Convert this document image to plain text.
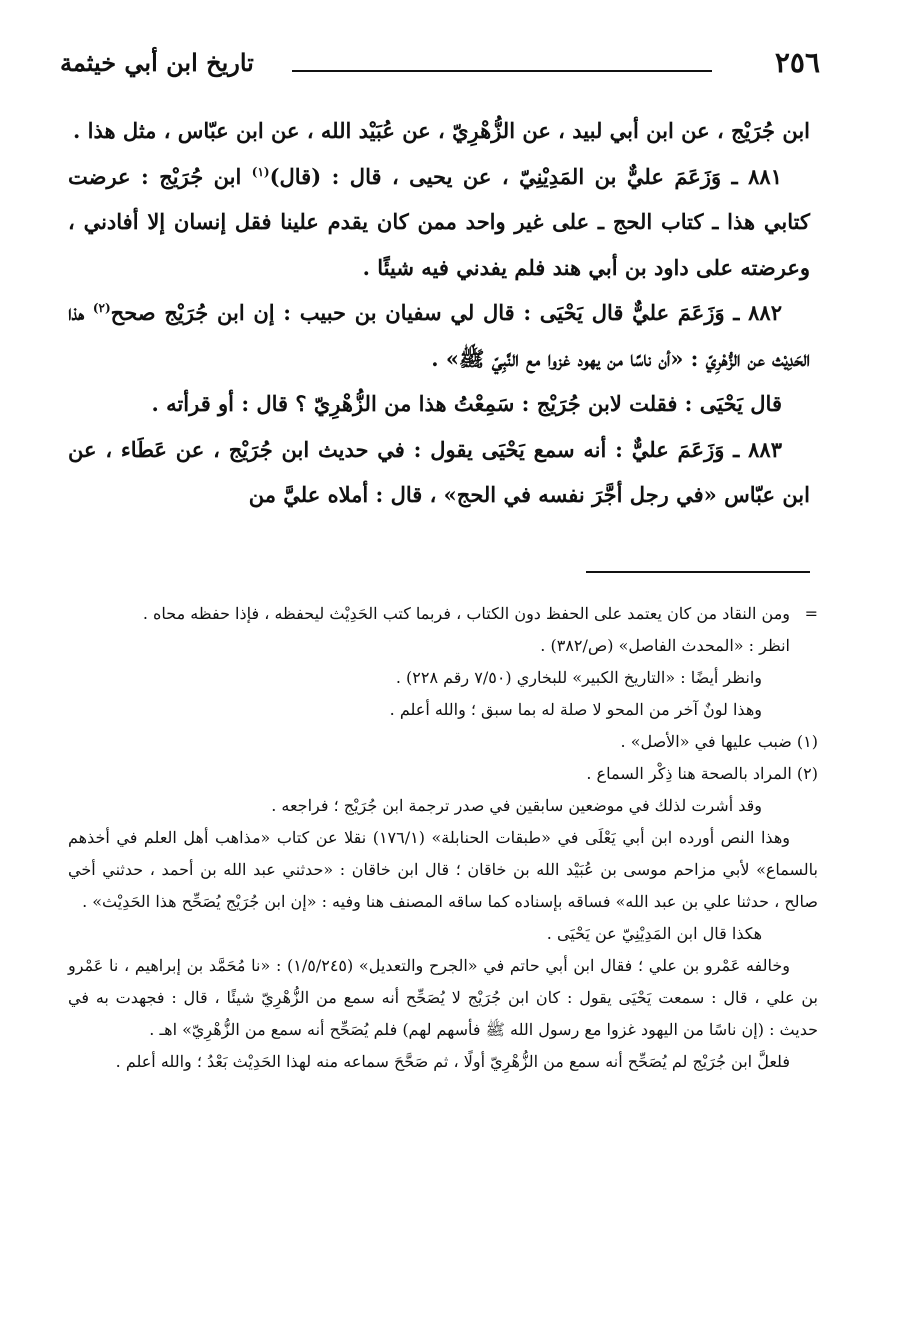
٢٥٦
تاريخ ابن أبي خيثمة

ابن جُرَيْج ، عن ابن أبي لبيد ، عن الزُّهْرِيّ ، عن عُبَيْد الله ، عن ابن عبّاس ، مثل هذا .

٨٨١ ـ وَزَعَمَ عليٌّ بن المَدِيْنِيّ ، عن يحيى ، قال : (قال)$^{(١)}$ ابن جُرَيْج : عرضت كتابي هذا ـ كتاب الحج ـ على غير واحد ممن كان يقدم علينا فقل إنسان إلا أفادني ، وعرضته على داود بن أبي هند فلم يفدني فيه شيئًا .

٨٨٢ ـ وَزَعَمَ عليٌّ قال يَحْيَى : قال لي سفيان بن حبيب : إن ابن جُرَيْج صحح$^{(٢)}$ هذا الحَدِيْث عن الزُّهْرِيّ : «أن ناسًا من يهود غزوا مع النَّبِيّ ﷺ» .

قال يَحْيَى : فقلت لابن جُرَيْج : سَمِعْتُ هذا من الزُّهْرِيّ ؟ قال : أو قرأته .

٨٨٣ ـ وَزَعَمَ عليٌّ : أنه سمع يَحْيَى يقول : في حديث ابن جُرَيْج ، عن عَطَاء ، عن ابن عبّاس «في رجل أجَّرَ نفسه في الحج» ، قال : أملاه عليَّ من

= ومن النقاد من كان يعتمد على الحفظ دون الكتاب ، فربما كتب الحَدِيْث ليحفظه ، فإذا حفظه محاه .

انظر : «المحدث الفاصل» (ص/٣٨٢) .

وانظر أيضًا : «التاريخ الكبير» للبخاري (٧/٥٠ رقم ٢٢٨) .

وهذا لونٌ آخر من المحو لا صلة له بما سبق ؛ والله أعلم .

(١) ضبب عليها في «الأصل» .

(٢) المراد بالصحة هنا ذِكْر السماع .

وقد أشرت لذلك في موضعين سابقين في صدر ترجمة ابن جُرَيْج ؛ فراجعه .

وهذا النص أورده ابن أبي يَعْلَى في «طبقات الحنابلة» (١٧٦/١) نقلا عن كتاب «مذاهب أهل العلم في أخذهم بالسماع» لأبي مزاحم موسى بن عُبَيْد الله بن خاقان ؛ قال ابن خاقان : «حدثني عبد الله بن أحمد ، حدثني أخي صالح ، حدثنا علي بن عبد الله» فساقه بإسناده كما ساقه المصنف هنا وفيه : «إن ابن جُرَيْج يُصَحِّح هذا الحَدِيْث» .

هكذا قال ابن المَدِيْنِيّ عن يَحْيَى .

وخالفه عَمْرو بن علي ؛ فقال ابن أبي حاتم في «الجرح والتعديل» (١/٥/٢٤٥) : «نا مُحَمَّد بن إبراهيم ، نا عَمْرو بن علي ، قال : سمعت يَحْيَى يقول : كان ابن جُرَيْج لا يُصَحِّح أنه سمع من الزُّهْرِيّ شيئًا ، قال : فجهدت به في حديث : (إن ناسًا من اليهود غزوا مع رسول الله ﷺ فأسهم لهم) فلم يُصَحِّح أنه سمع من الزُّهْرِيّ» اهـ .

فلعلَّ ابن جُرَيْج لم يُصَحِّح أنه سمع من الزُّهْرِيّ أولًا ، ثم صَحَّحَ سماعه منه لهذا الحَدِيْث بَعْدُ ؛ والله أعلم .
